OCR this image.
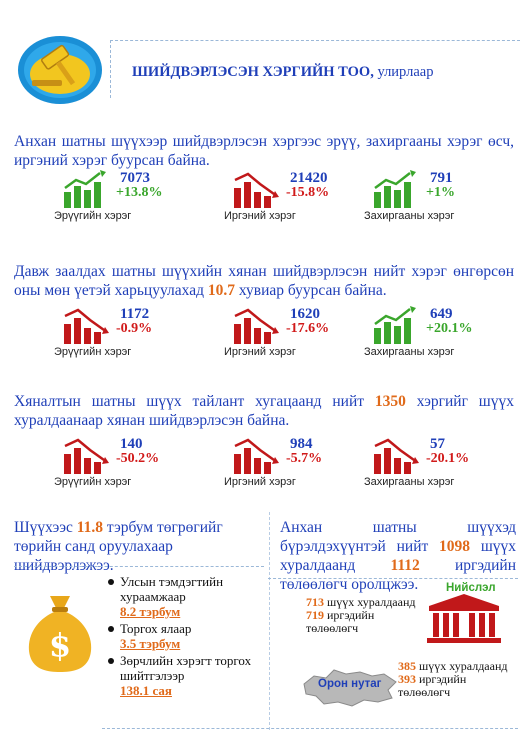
ШИЙДВЭРЛЭСЭН ХЭРГИЙН ТОО, улирлаар
Анхан шатны шүүхээр шийдвэрлэсэн хэргээс эрүү, захиргааны хэрэг өсч, иргэний хэрэг буурсан байна.
7073
+13.8%
Эрүүгийн хэрэг
21420
-15.8%
Иргэний хэрэг
791
+1%
Захиргааны хэрэг
Давж заалдах шатны шүүхийн хянан шийдвэрлэсэн нийт хэрэг өнгөрсөн оны мөн үетэй харьцуулахад 10.7 хувиар буурсан байна.
1172
-0.9%
Эрүүгийн хэрэг
1620
-17.6%
Иргэний хэрэг
649
+20.1%
Захиргааны хэрэг
Хяналтын шатны шүүх тайлант хугацаанд нийт 1350 хэргийг шүүх хуралдаанаар хянан шийдвэрлэсэн байна.
140
-50.2%
Эрүүгийн хэрэг
984
-5.7%
Иргэний хэрэг
57
-20.1%
Захиргааны хэрэг
Шүүхээс 11.8 тэрбум төгрөгийг төрийн санд оруулахаар шийдвэрлэжээ.
$
Улсын тэмдэгтийн хураамжаар
8.2 тэрбум
Торгох ялаар
3.5 тэрбум
Зөрчлийн хэрэгт торгох шийтгэлээр
138.1 сая
Анхан шатны шүүхэд бүрэлдэхүүнтэй нийт 1098 шүүх хуралдаанд 1112 иргэдийн төлөөлөгч оролцжээ.	Нийслэл
713 шүүх хуралдаанд
719 иргэдийн төлөөлөгч
Орон нутаг
385 шүүх хуралдаанд
393 иргэдийн төлөөлөгч
